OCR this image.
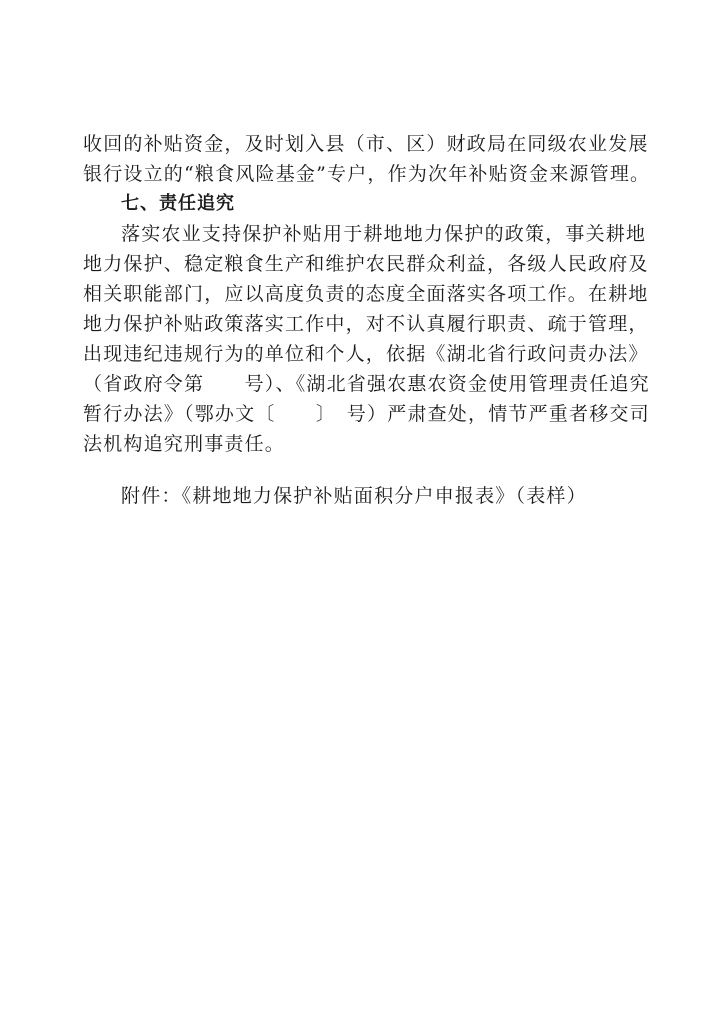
收回的补贴资金，及时划入县（市、区）财政局在同级农业发展
银行设立的“粮食风险基金”专户，作为次年补贴资金来源管理。
七、责任追究
落实农业支持保护补贴用于耕地地力保护的政策，事关耕地
地力保护、稳定粮食生产和维护农民群众利益，各级人民政府及
相关职能部门，应以高度负责的态度全面落实各项工作。在耕地
地力保护补贴政策落实工作中，对不认真履行职责、疏于管理，
出现违纪违规行为的单位和个人，依据《湖北省行政问责办法》
（省政府令第　　号）、《湖北省强农惠农资金使用管理责任追究
暂行办法》（鄂办文〔　　〕　号）严肃查处，情节严重者移交司
法机构追究刑事责任。
附件：《耕地地力保护补贴面积分户申报表》（表样）
